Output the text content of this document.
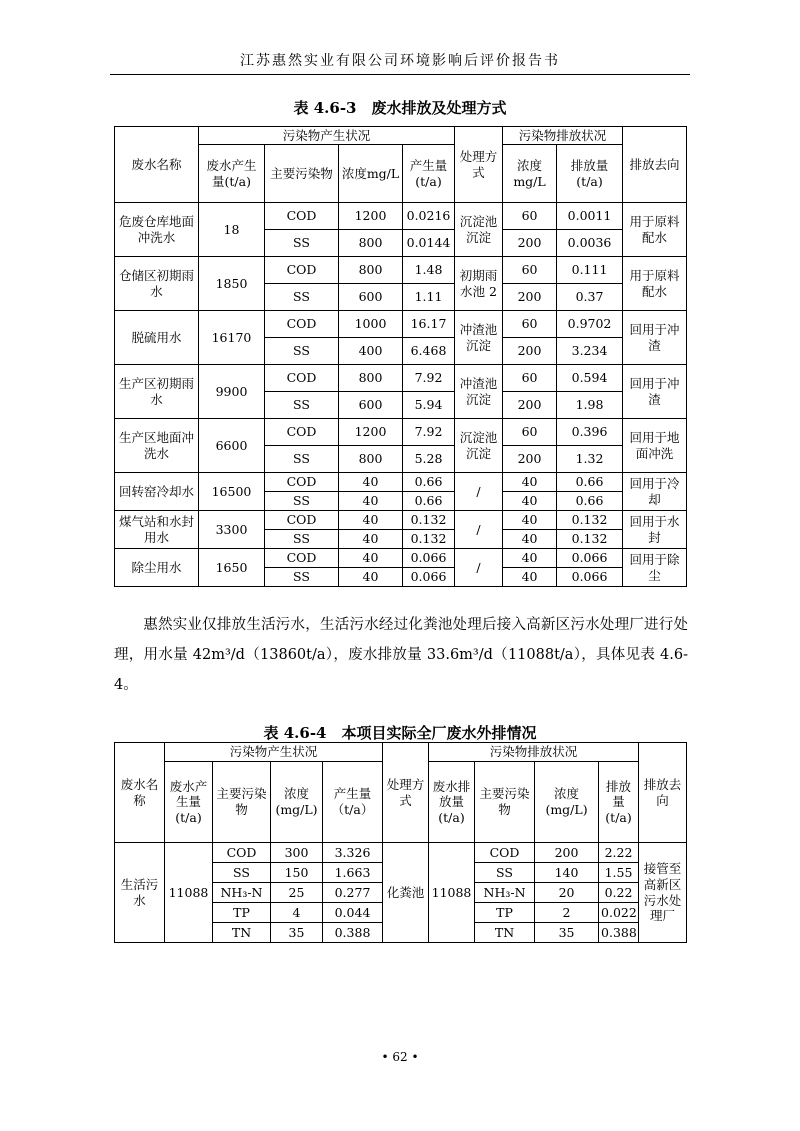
江苏惠然实业有限公司环境影响后评价报告书
表 4.6-3　废水排放及处理方式
废水名称	污染物产生状况				处理方式	污染物排放状况		排放去向
	废水产生量(t/a)	主要污染物	浓度mg/L	产生量(t/a)		浓度mg/L	排放量(t/a)	
危废仓库地面冲洗水	18	COD	1200	0.0216	沉淀池沉淀	60	0.0011	用于原料配水
		SS	800	0.0144		200	0.0036	
仓储区初期雨水	1850	COD	800	1.48	初期雨水池 2	60	0.111	用于原料配水
		SS	600	1.11		200	0.37	
脱硫用水	16170	COD	1000	16.17	冲渣池沉淀	60	0.9702	回用于冲渣
		SS	400	6.468		200	3.234	
生产区初期雨水	9900	COD	800	7.92	冲渣池沉淀	60	0.594	回用于冲渣
		SS	600	5.94		200	1.98	
生产区地面冲洗水	6600	COD	1200	7.92	沉淀池沉淀	60	0.396	回用于地面冲洗
		SS	800	5.28		200	1.32	
回转窑冷却水	16500	COD	40	0.66	/	40	0.66	回用于冷却
		SS	40	0.66		40	0.66	
煤气站和水封用水	3300	COD	40	0.132	/	40	0.132	回用于水封
		SS	40	0.132		40	0.132	
除尘用水	1650	COD	40	0.066	/	40	0.066	回用于除尘
		SS	40	0.066		40	0.066	

惠然实业仅排放生活污水，生活污水经过化粪池处理后接入高新区污水处理厂进行处理，用水量 42m³/d（13860t/a），废水排放量 33.6m³/d（11088t/a），具体见表 4.6-4。

表 4.6-4　本项目实际全厂废水外排情况
废水名称	污染物产生状况				处理方式	污染物排放状况				排放去向
	废水产生量(t/a)	主要污染物	浓度(mg/L)	产生量（t/a）		废水排放量(t/a)	主要污染物	浓度(mg/L)	排放量(t/a)	
生活污水	11088	COD	300	3.326	化粪池	11088	COD	200	2.22	接管至高新区污水处理厂
		SS	150	1.663			SS	140	1.55	
		NH₃-N	25	0.277			NH₃-N	20	0.22	
		TP	4	0.044			TP	2	0.022	
		TN	35	0.388			TN	35	0.388	
• 62 •
